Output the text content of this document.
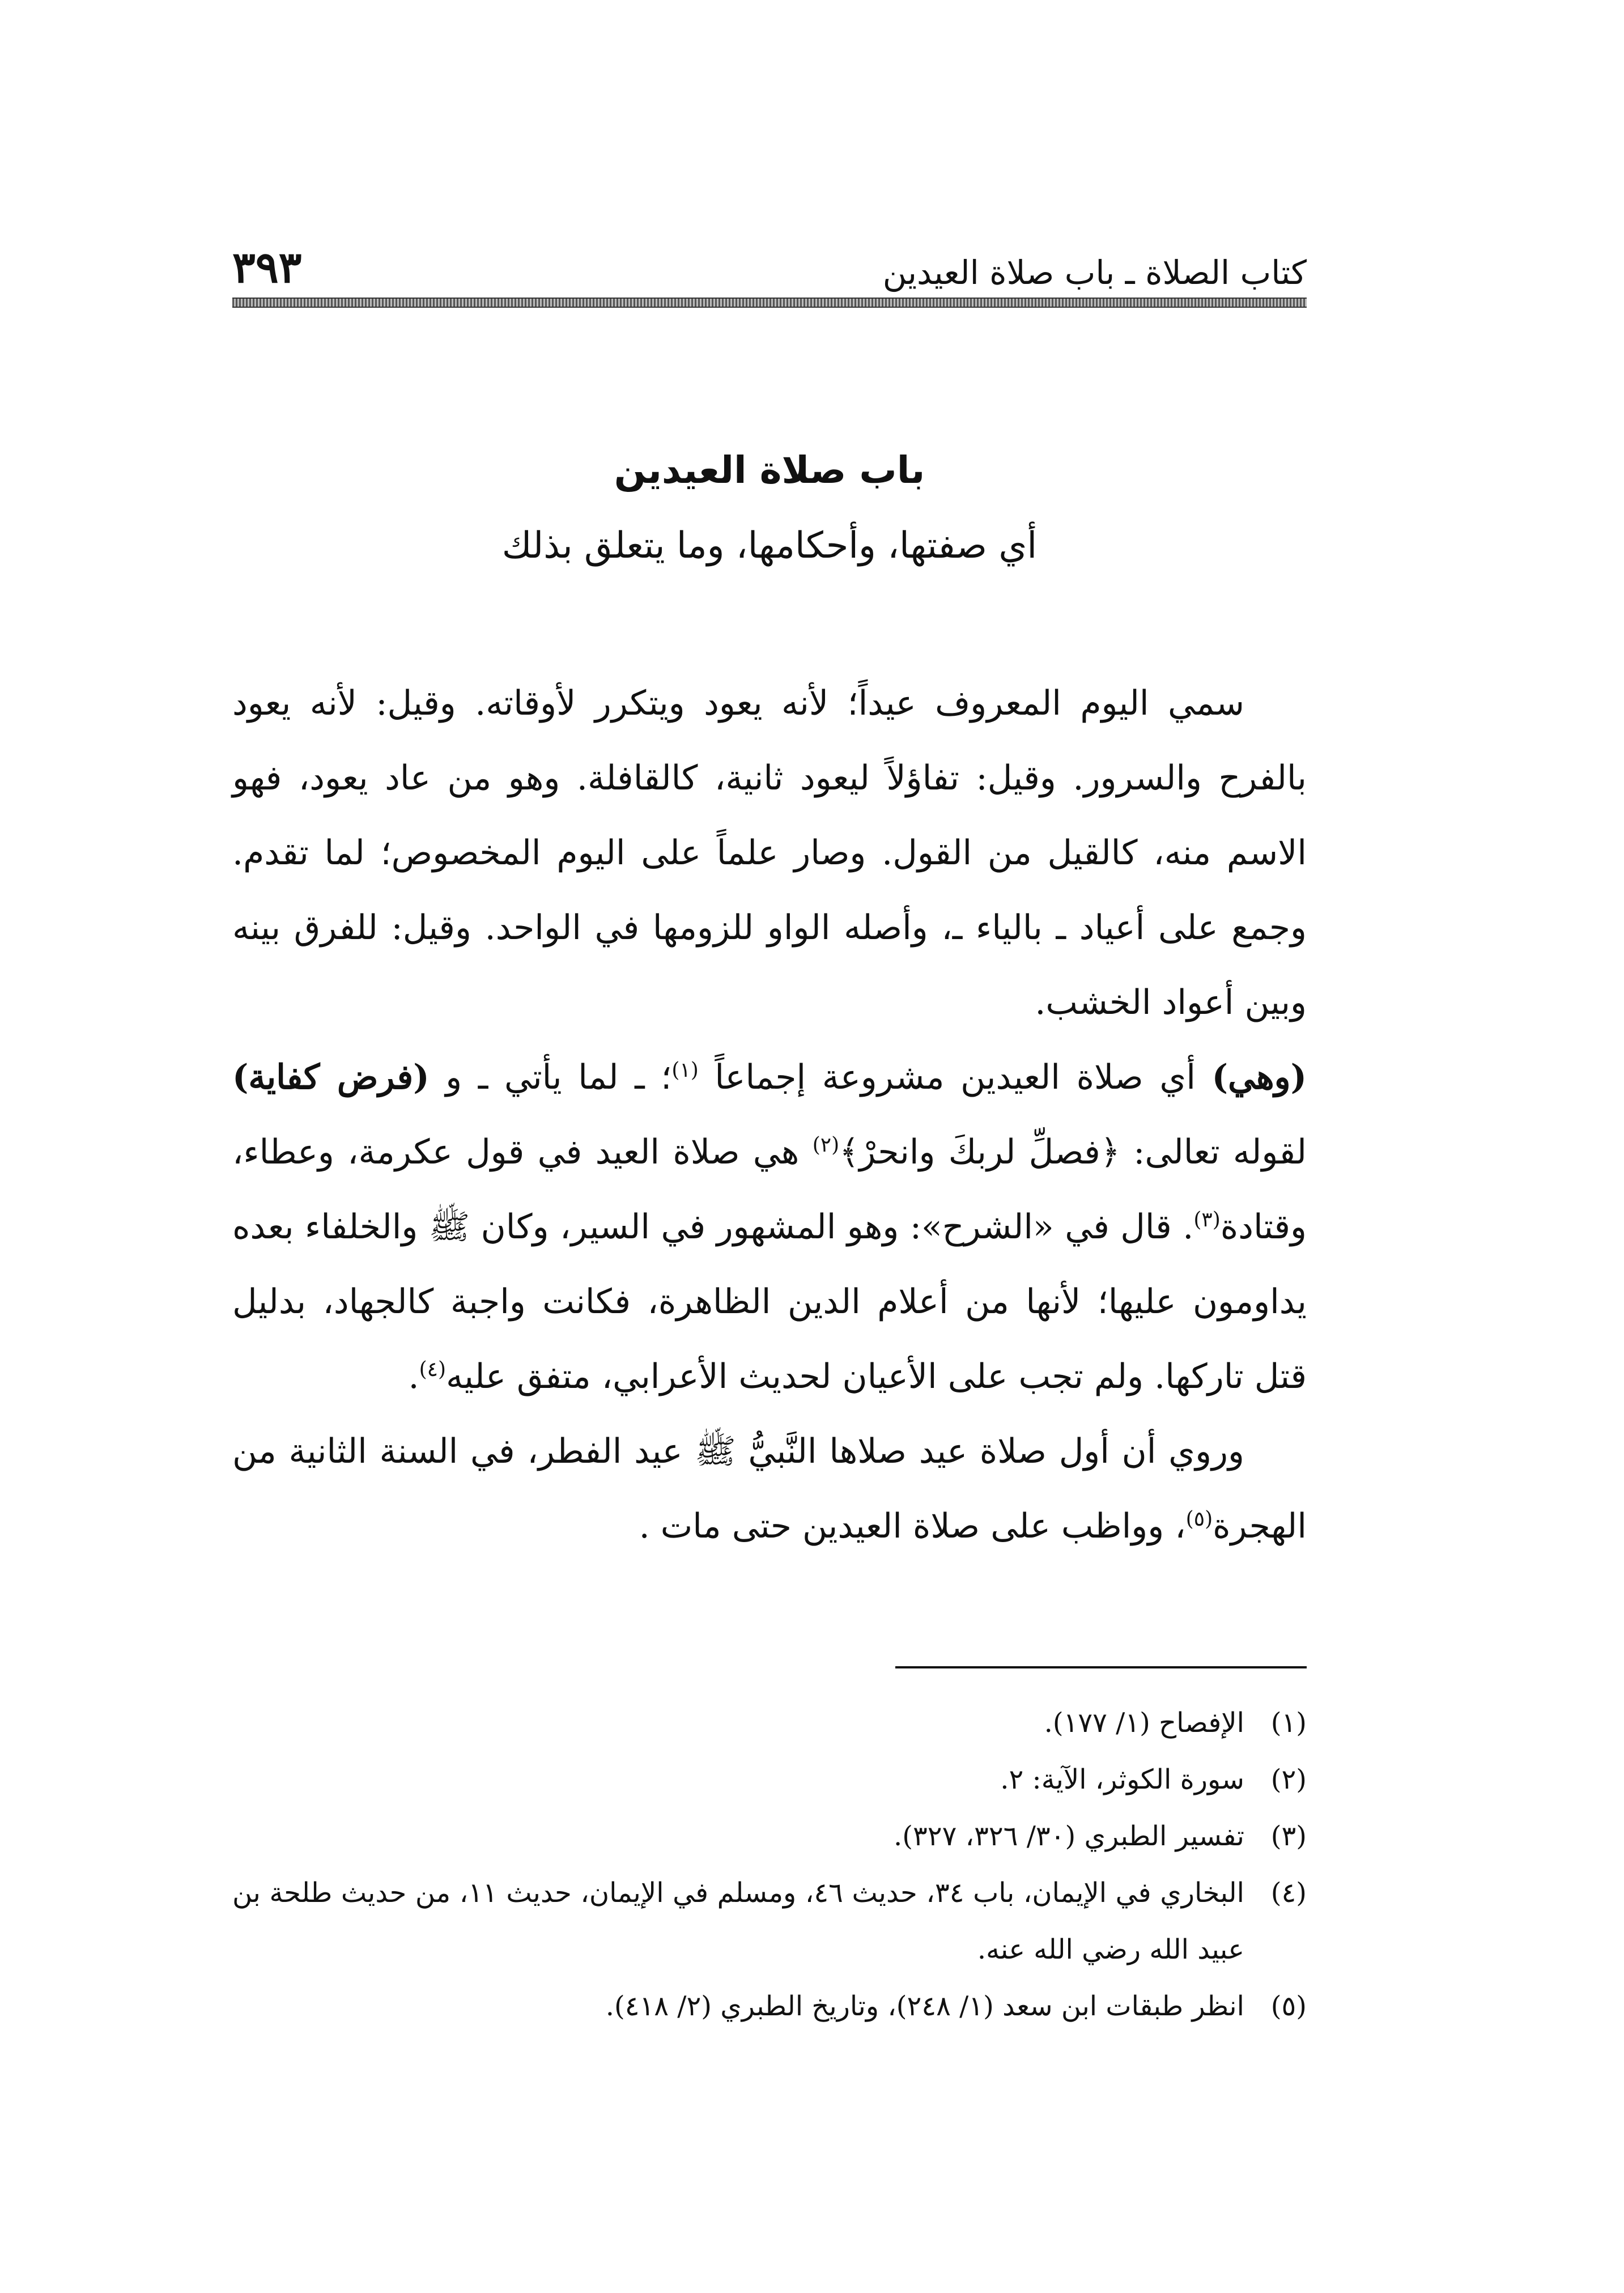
كتاب الصلاة ـ باب صلاة العيدين
٣٩٣
باب صلاة العيدين
أي صفتها، وأحكامها، وما يتعلق بذلك

سمي اليوم المعروف عيداً؛ لأنه يعود ويتكرر لأوقاته. وقيل: لأنه يعود بالفرح والسرور. وقيل: تفاؤلاً ليعود ثانية، كالقافلة. وهو من عاد يعود، فهو الاسم منه، كالقيل من القول. وصار علماً على اليوم المخصوص؛ لما تقدم. وجمع على أعياد ـ بالياء ـ، وأصله الواو للزومها في الواحد. وقيل: للفرق بينه وبين أعواد الخشب.

(وهي) أي صلاة العيدين مشروعة إجماعاً $^{(١)}$؛ ـ لما يأتي ـ و (فرض كفاية) لقوله تعالى: ﴿فصلِّ لربكَ وانحرْ﴾$^{(٢)}$ هي صلاة العيد في قول عكرمة، وعطاء، وقتادة$^{(٣)}$. قال في «الشرح»: وهو المشهور في السير، وكان ﷺ والخلفاء بعده يداومون عليها؛ لأنها من أعلام الدين الظاهرة، فكانت واجبة كالجهاد، بدليل قتل تاركها. ولم تجب على الأعيان لحديث الأعرابي، متفق عليه$^{(٤)}$.

وروي أن أول صلاة عيد صلاها النَّبيُّ ﷺ عيد الفطر، في السنة الثانية من الهجرة$^{(٥)}$، وواظب على صلاة العيدين حتى مات .

(١)
الإفصاح (١/ ١٧٧).
(٢)
سورة الكوثر، الآية: ٢.
(٣)
تفسير الطبري (٣٠/ ٣٢٦، ٣٢٧).
(٤)
البخاري في الإيمان، باب ٣٤، حديث ٤٦، ومسلم في الإيمان، حديث ١١، من حديث طلحة بن عبيد الله رضي الله عنه.
(٥)
انظر طبقات ابن سعد (١/ ٢٤٨)، وتاريخ الطبري (٢/ ٤١٨).
